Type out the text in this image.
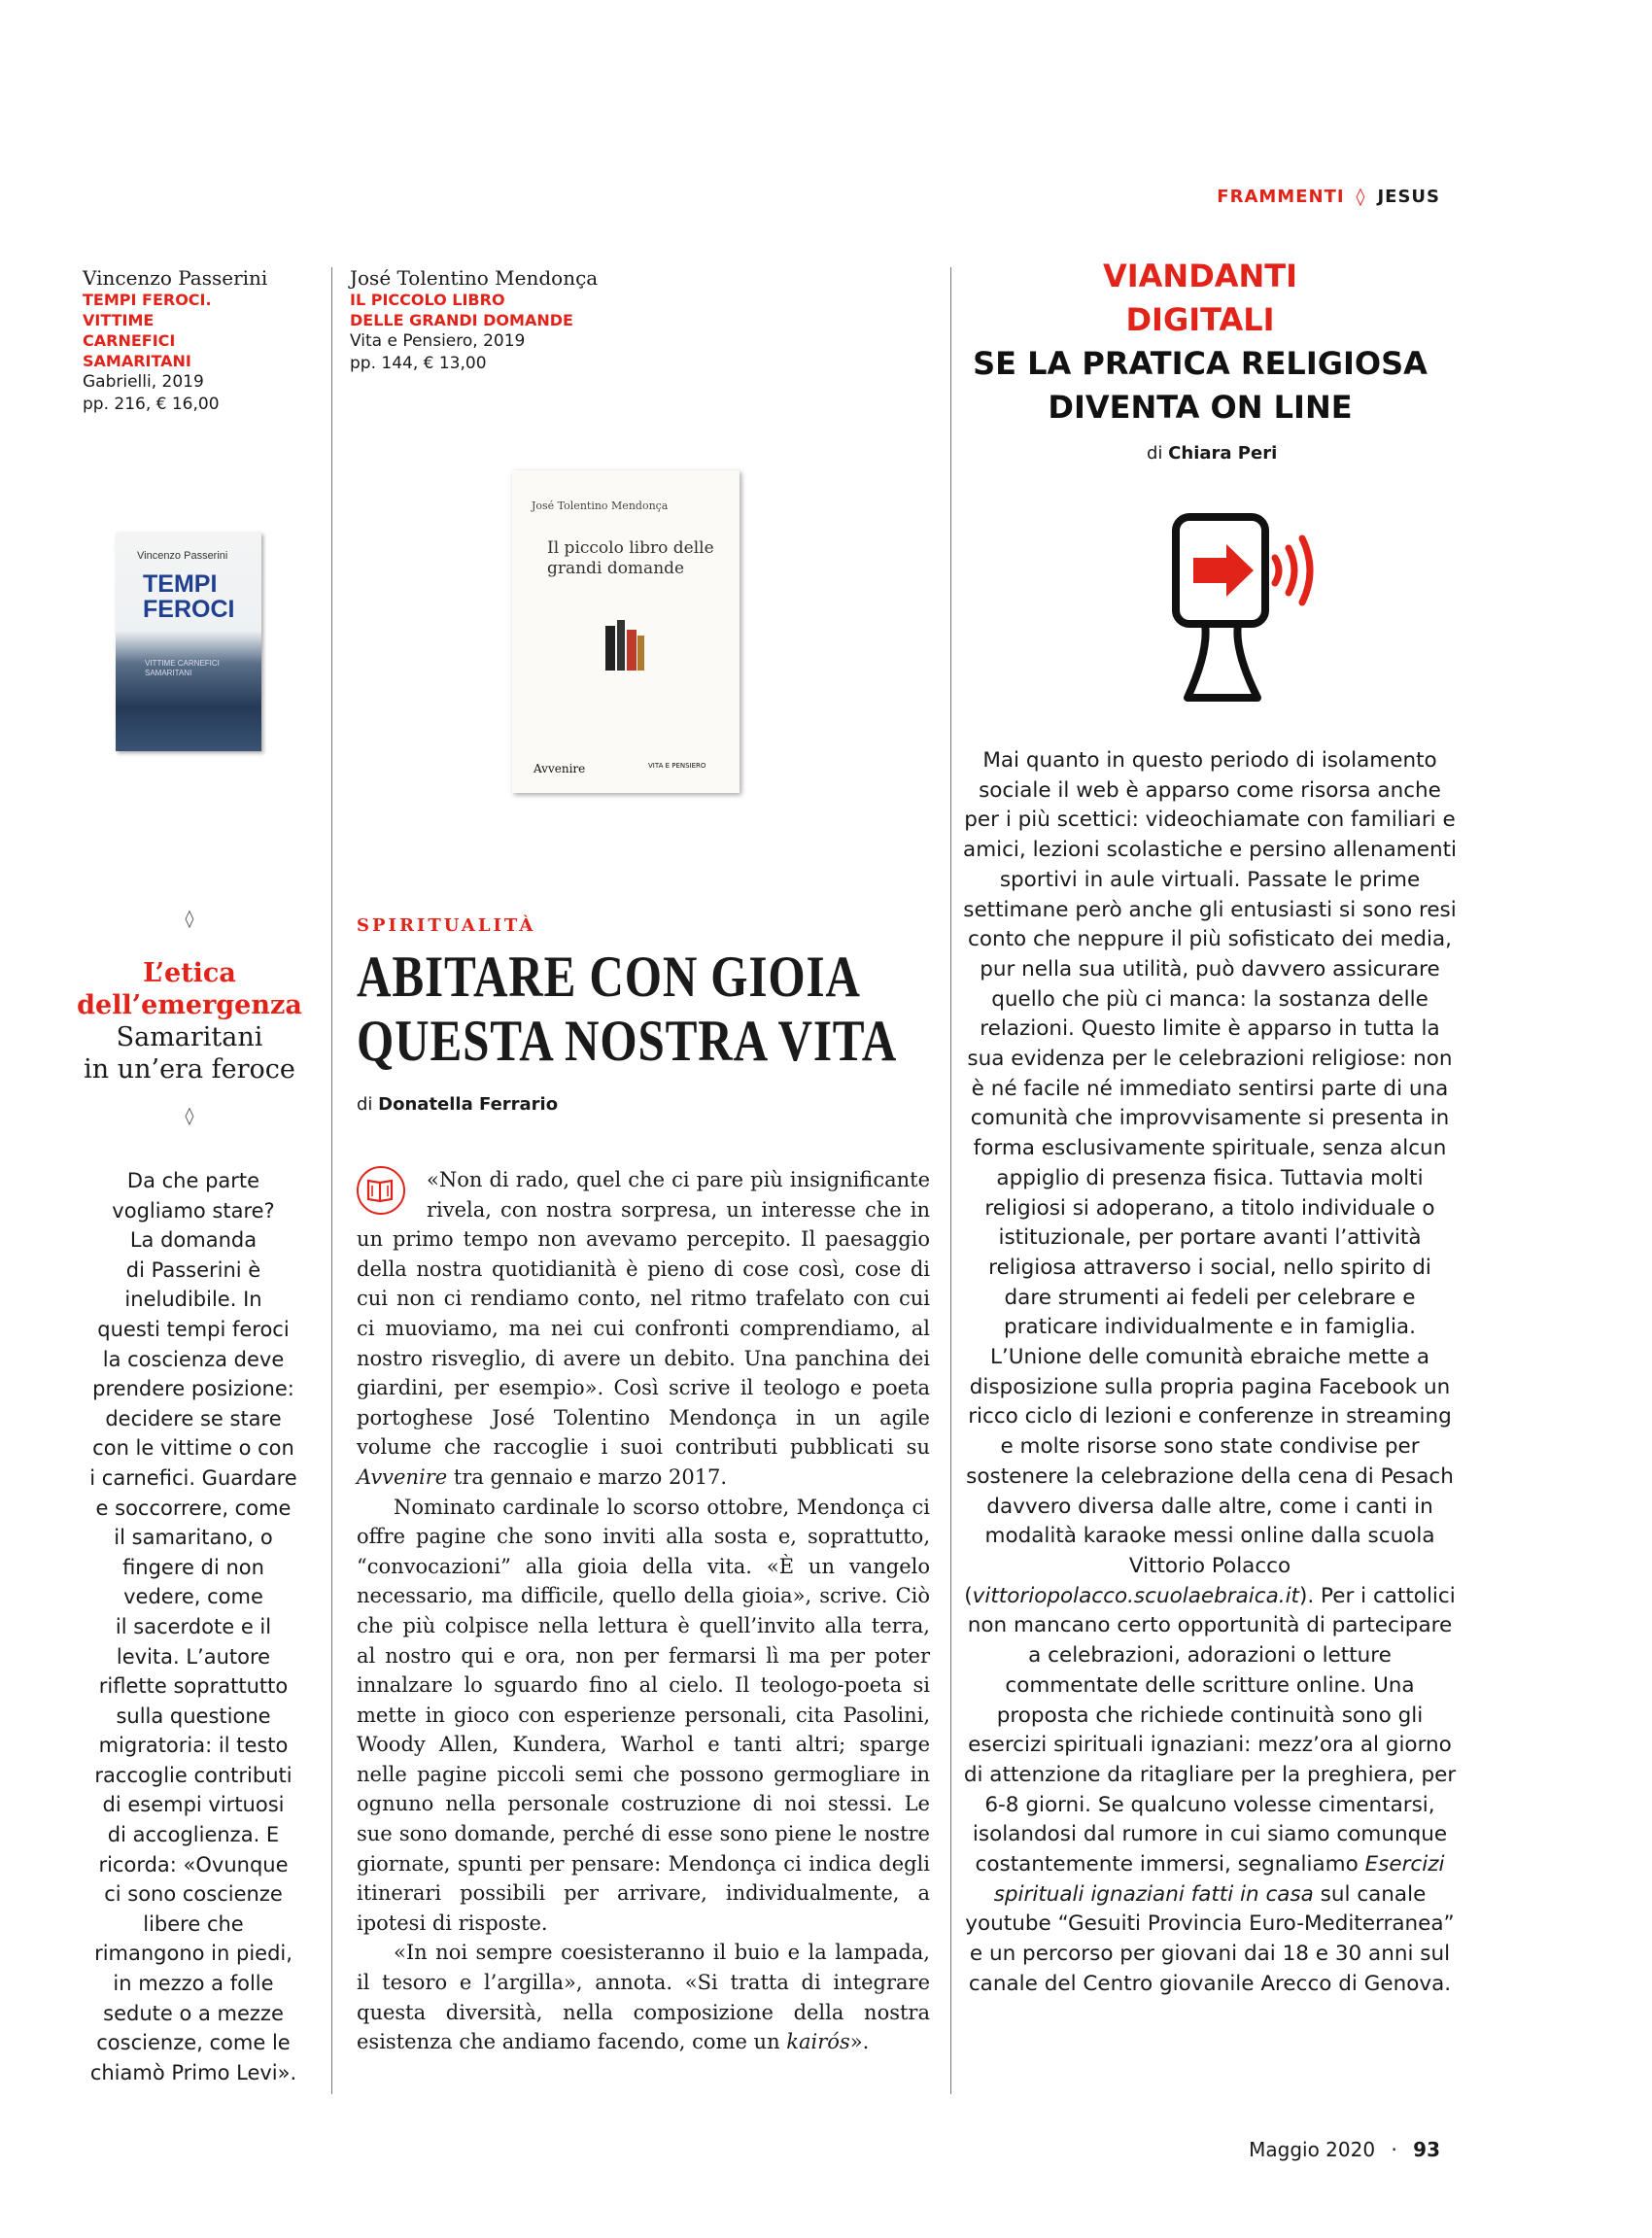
FRAMMENTI ◊ JESUS
Vincenzo Passerini
TEMPI FEROCI.
VITTIME
CARNEFICI
SAMARITANI
Gabrielli, 2019
pp. 216, € 16,00
Vincenzo Passerini
TEMPI FEROCI
VITTIME CARNEFICI SAMARITANI
José Tolentino Mendonça
IL PICCOLO LIBRO
DELLE GRANDI DOMANDE
Vita e Pensiero, 2019
pp. 144, € 13,00
José Tolentino Mendonça
Il piccolo libro delle grandi domande
Avvenire	VITA E PENSIERO
◊
L’etica
dell’emergenza
Samaritani
in un’era feroce
◊
Da che parte
vogliamo stare?
La domanda
di Passerini è
ineludibile. In
questi tempi feroci
la coscienza deve
prendere posizione:
decidere se stare
con le vittime o con
i carnefici. Guardare
e soccorrere, come
il samaritano, o
fingere di non
vedere, come
il sacerdote e il
levita. L’autore
riflette soprattutto
sulla questione
migratoria: il testo
raccoglie contributi
di esempi virtuosi
di accoglienza. E
ricorda: «Ovunque
ci sono coscienze
libere che
rimangono in piedi,
in mezzo a folle
sedute o a mezze
coscienze, come le
chiamò Primo Levi».
SPIRITUALITÀ
ABITARE CON GIOIA
QUESTA NOSTRA VITA
di Donatella Ferrario

«Non di rado, quel che ci pare più insignificante rivela, con nostra sorpresa, un interesse che in un primo tempo non avevamo percepito. Il paesaggio della nostra quotidianità è pieno di cose così, cose di cui non ci rendiamo conto, nel ritmo trafelato con cui ci muoviamo, ma nei cui confronti comprendiamo, al nostro risveglio, di avere un debito. Una panchina dei giardini, per esempio». Così scrive il teologo e poeta portoghese José Tolentino Mendonça in un agile volume che raccoglie i suoi contributi pubblicati su Avvenire tra gennaio e marzo 2017.

Nominato cardinale lo scorso ottobre, Mendonça ci offre pagine che sono inviti alla sosta e, soprattutto, “convocazioni” alla gioia della vita. «È un vangelo necessario, ma difficile, quello della gioia», scrive. Ciò che più colpisce nella lettura è quell’invito alla terra, al nostro qui e ora, non per fermarsi lì ma per poter innalzare lo sguardo fino al cielo. Il teologo-poeta si mette in gioco con esperienze personali, cita Pasolini, Woody Allen, Kundera, Warhol e tanti altri; sparge nelle pagine piccoli semi che possono germogliare in ognuno nella personale costruzione di noi stessi. Le sue sono domande, perché di esse sono piene le nostre giornate, spunti per pensare: Mendonça ci indica degli itinerari possibili per arrivare, individualmente, a ipotesi di risposte.

«In noi sempre coesisteranno il buio e la lampada, il tesoro e l’argilla», annota. «Si tratta di integrare questa diversità, nella composizione della nostra esistenza che andiamo facendo, come un kairós».

VIANDANTI
DIGITALI
SE LA PRATICA RELIGIOSA
DIVENTA ON LINE
di Chiara Peri
Mai quanto in questo periodo di isolamento sociale il web è apparso come risorsa anche per i più scettici: videochiamate con familiari e amici, lezioni scolastiche e persino allenamenti sportivi in aule virtuali. Passate le prime settimane però anche gli entusiasti si sono resi conto che neppure il più sofisticato dei media, pur nella sua utilità, può davvero assicurare quello che più ci manca: la sostanza delle relazioni. Questo limite è apparso in tutta la sua evidenza per le celebrazioni religiose: non è né facile né immediato sentirsi parte di una comunità che improvvisamente si presenta in forma esclusivamente spirituale, senza alcun appiglio di presenza fisica. Tuttavia molti religiosi si adoperano, a titolo individuale o istituzionale, per portare avanti l’attività religiosa attraverso i social, nello spirito di dare strumenti ai fedeli per celebrare e praticare individualmente e in famiglia. L’Unione delle comunità ebraiche mette a disposizione sulla propria pagina Facebook un ricco ciclo di lezioni e conferenze in streaming e molte risorse sono state condivise per sostenere la celebrazione della cena di Pesach davvero diversa dalle altre, come i canti in modalità karaoke messi online dalla scuola Vittorio Polacco (vittoriopolacco.scuolaebraica.it). Per i cattolici non mancano certo opportunità di partecipare a celebrazioni, adorazioni o letture commentate delle scritture online. Una proposta che richiede continuità sono gli esercizi spirituali ignaziani: mezz’ora al giorno di attenzione da ritagliare per la preghiera, per 6-8 giorni. Se qualcuno volesse cimentarsi, isolandosi dal rumore in cui siamo comunque costantemente immersi, segnaliamo Esercizi spirituali ignaziani fatti in casa sul canale youtube “Gesuiti Provincia Euro-Mediterranea” e un percorso per giovani dai 18 e 30 anni sul canale del Centro giovanile Arecco di Genova.
Maggio 2020 · 93
